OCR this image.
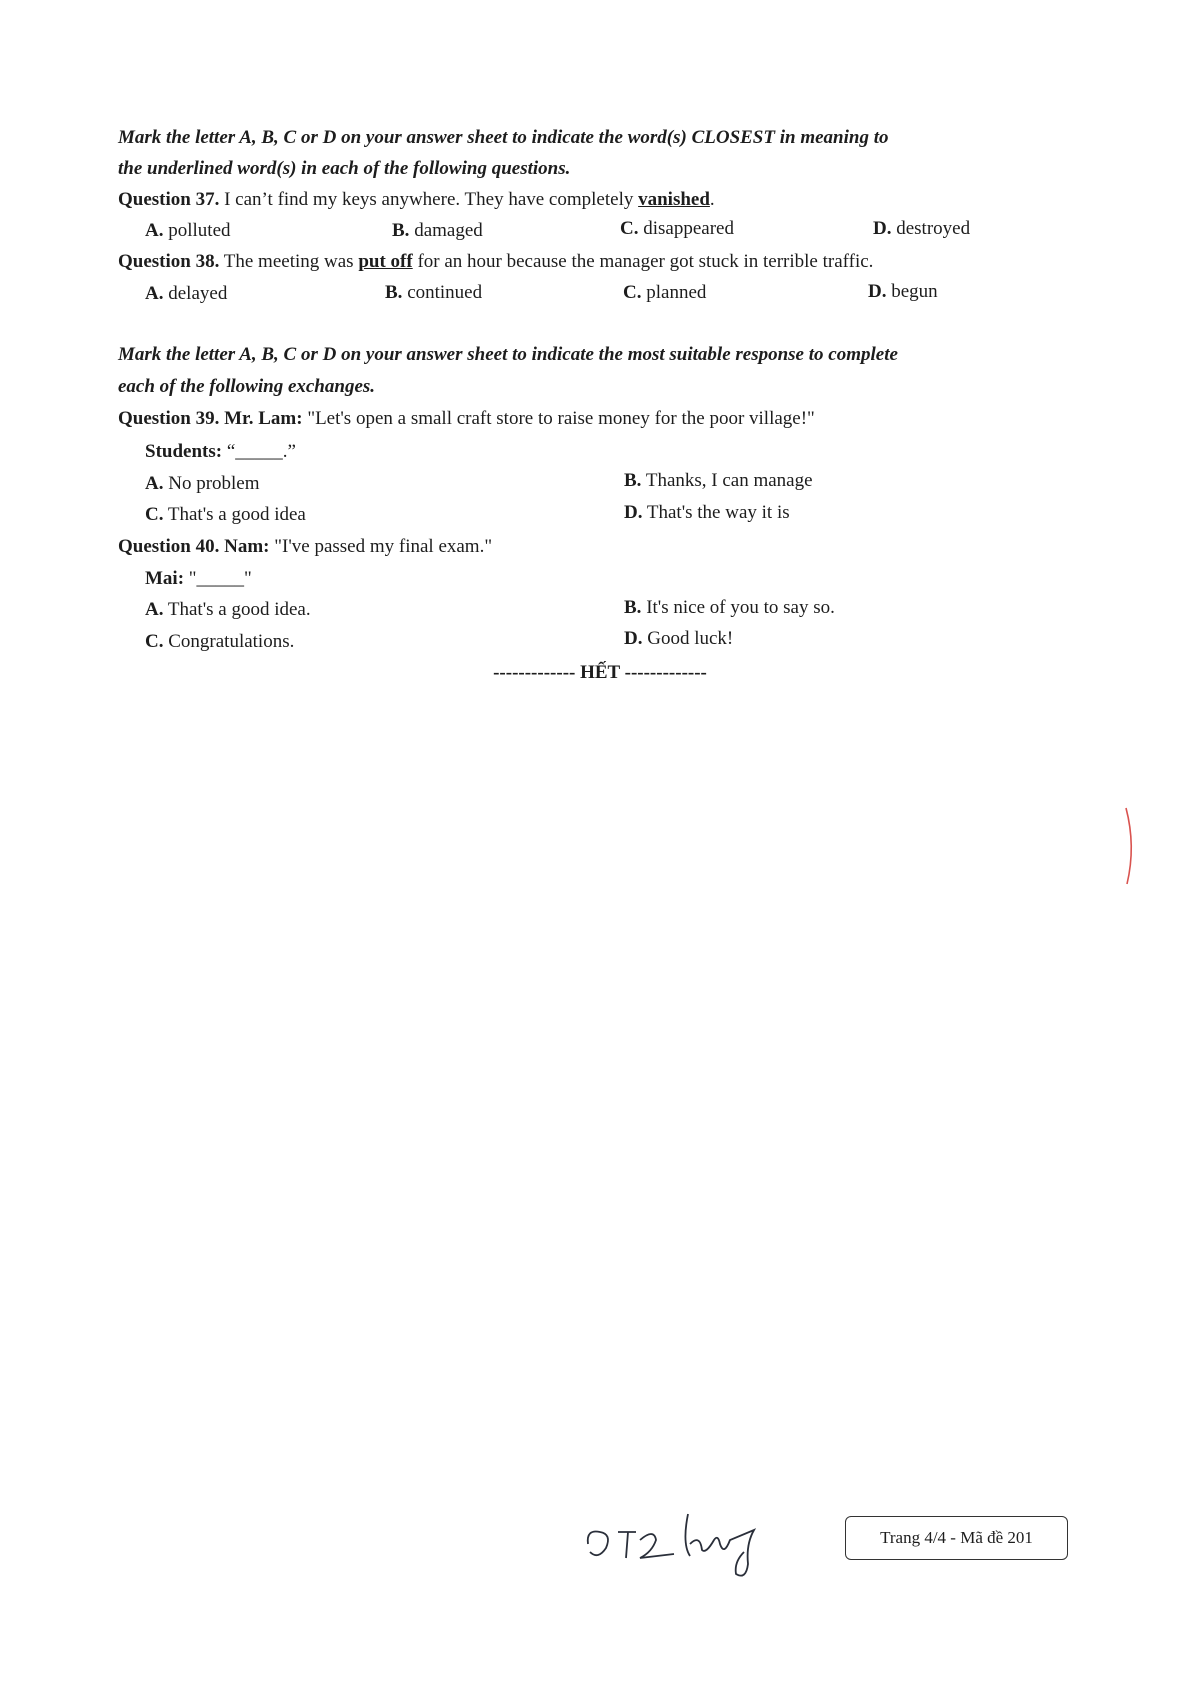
Mark the letter A, B, C or D on your answer sheet to indicate the word(s) CLOSEST in meaning to
the underlined word(s) in each of the following questions.
Question 37. I can’t find my keys anywhere. They have completely vanished.
A. polluted	B. damaged	C. disappeared	D. destroyed
Question 38. The meeting was put off for an hour because the manager got stuck in terrible traffic.
A. delayed	B. continued	C. planned	D. begun
Mark the letter A, B, C or D on your answer sheet to indicate the most suitable response to complete
each of the following exchanges.
Question 39. Mr. Lam: "Let's open a small craft store to raise money for the poor village!"
Students: “_____.”
A. No problem	B. Thanks, I can manage
C. That's a good idea	D. That's the way it is
Question 40. Nam: "I've passed my final exam."
Mai: "_____"
A. That's a good idea.	B. It's nice of you to say so.
C. Congratulations.	D. Good luck!
------------- HẾT -------------
Trang 4/4 - Mã đề 201
